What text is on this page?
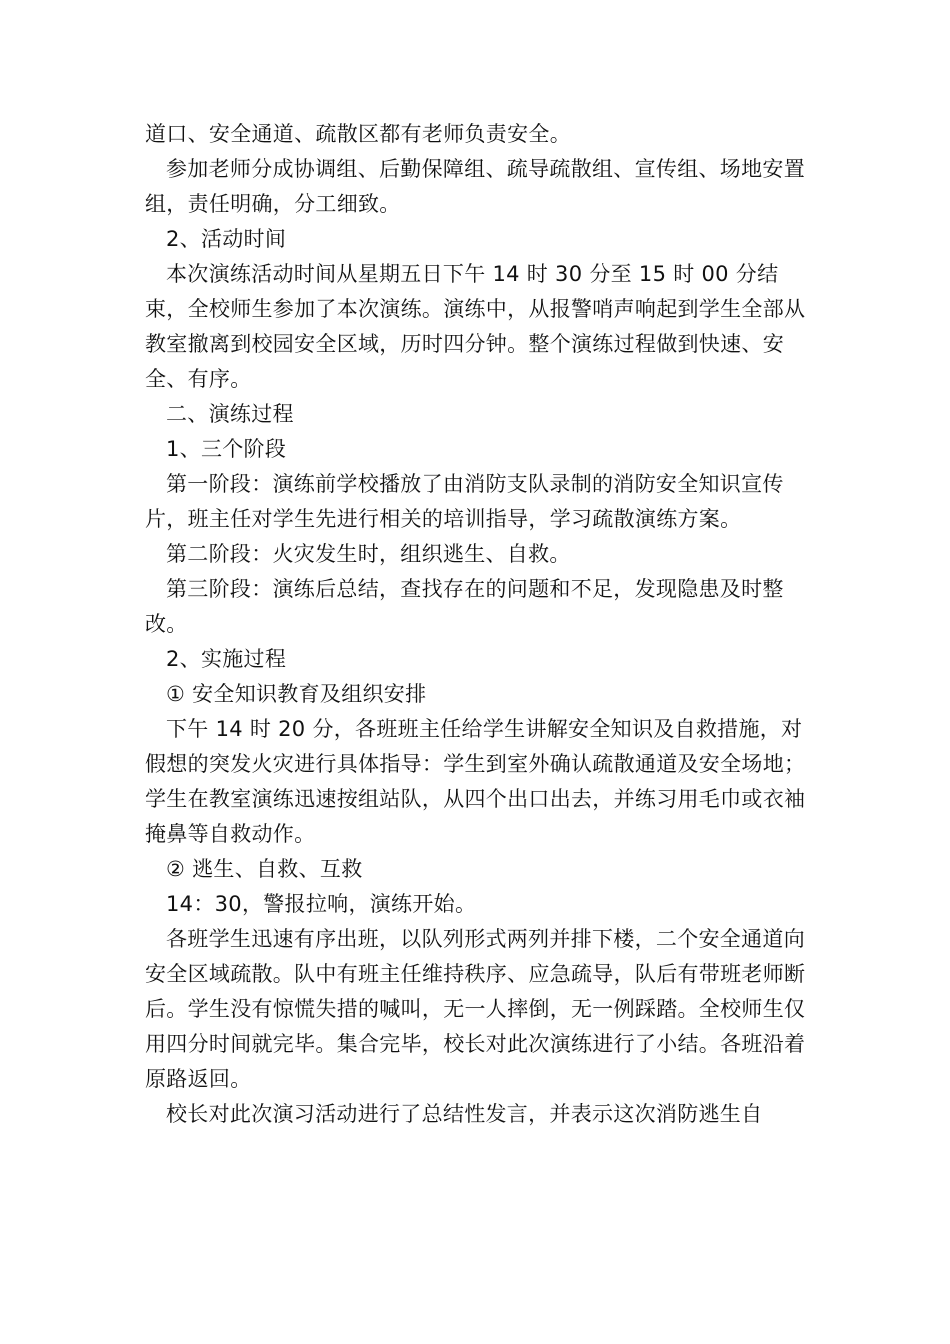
道口、安全通道、疏散区都有老师负责安全。

参加老师分成协调组、后勤保障组、疏导疏散组、宣传组、场地安置组，责任明确，分工细致。

2、活动时间

本次演练活动时间从星期五日下午 14 时 30 分至 15 时 00 分结束，全校师生参加了本次演练。演练中，从报警哨声响起到学生全部从教室撤离到校园安全区域，历时四分钟。整个演练过程做到快速、安全、有序。

二、演练过程

1、三个阶段

第一阶段：演练前学校播放了由消防支队录制的消防安全知识宣传片，班主任对学生先进行相关的培训指导，学习疏散演练方案。

第二阶段：火灾发生时，组织逃生、自救。

第三阶段：演练后总结，查找存在的问题和不足，发现隐患及时整改。

2、实施过程

① 安全知识教育及组织安排

下午 14 时 20 分，各班班主任给学生讲解安全知识及自救措施，对假想的突发火灾进行具体指导：学生到室外确认疏散通道及安全场地；学生在教室演练迅速按组站队，从四个出口出去，并练习用毛巾或衣袖掩鼻等自救动作。

② 逃生、自救、互救

14：30，警报拉响，演练开始。

各班学生迅速有序出班，以队列形式两列并排下楼，二个安全通道向安全区域疏散。队中有班主任维持秩序、应急疏导，队后有带班老师断后。学生没有惊慌失措的喊叫，无一人摔倒，无一例踩踏。全校师生仅用四分时间就完毕。集合完毕，校长对此次演练进行了小结。各班沿着原路返回。

校长对此次演习活动进行了总结性发言，并表示这次消防逃生自
